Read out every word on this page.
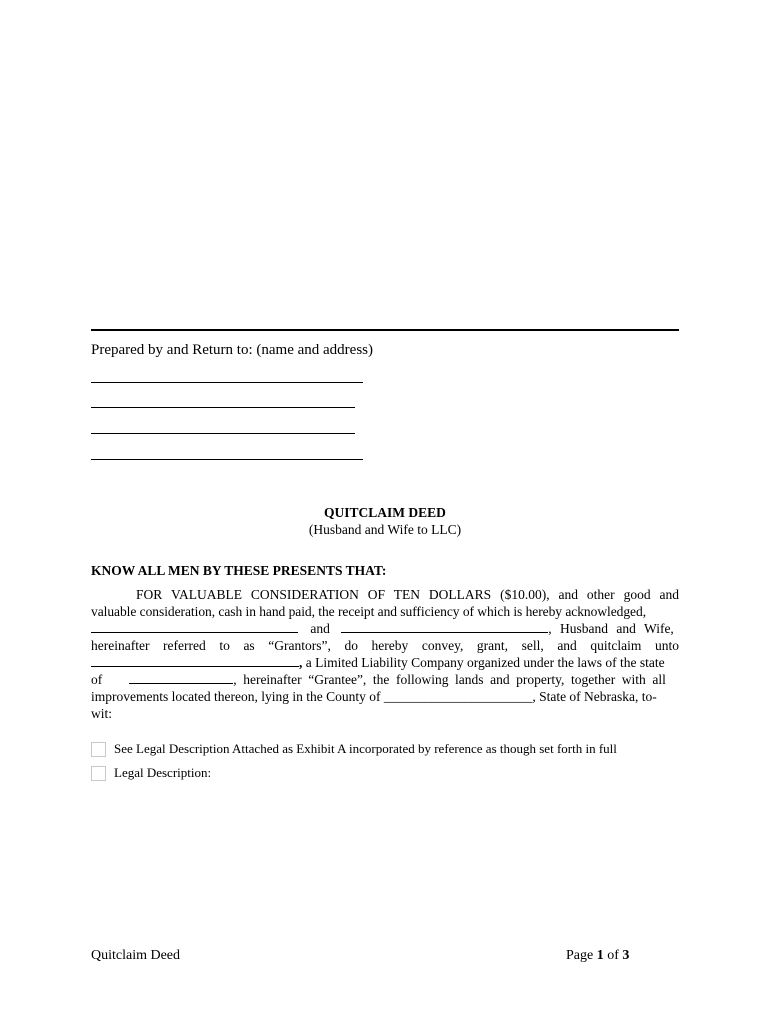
Prepared by and Return to: (name and address)
QUITCLAIM DEED
(Husband and Wife to LLC)
KNOW ALL MEN BY THESE PRESENTS THAT:
FOR VALUABLE CONSIDERATION OF TEN DOLLARS ($10.00), and other good and
valuable consideration, cash in hand paid, the receipt and sufficiency of which is hereby acknowledged,
and	, Husband and Wife,
hereinafter referred to as “Grantors”, do hereby convey, grant, sell, and quitclaim unto
, a Limited Liability Company organized under the laws of the state
of	, hereinafter “Grantee”, the following lands and property, together with all
improvements located thereon, lying in the County of ______________________, State of Nebraska, to-
wit:
See Legal Description Attached as Exhibit A incorporated by reference as though set forth in full
Legal Description:
Quitclaim Deed	Page 1 of 3
